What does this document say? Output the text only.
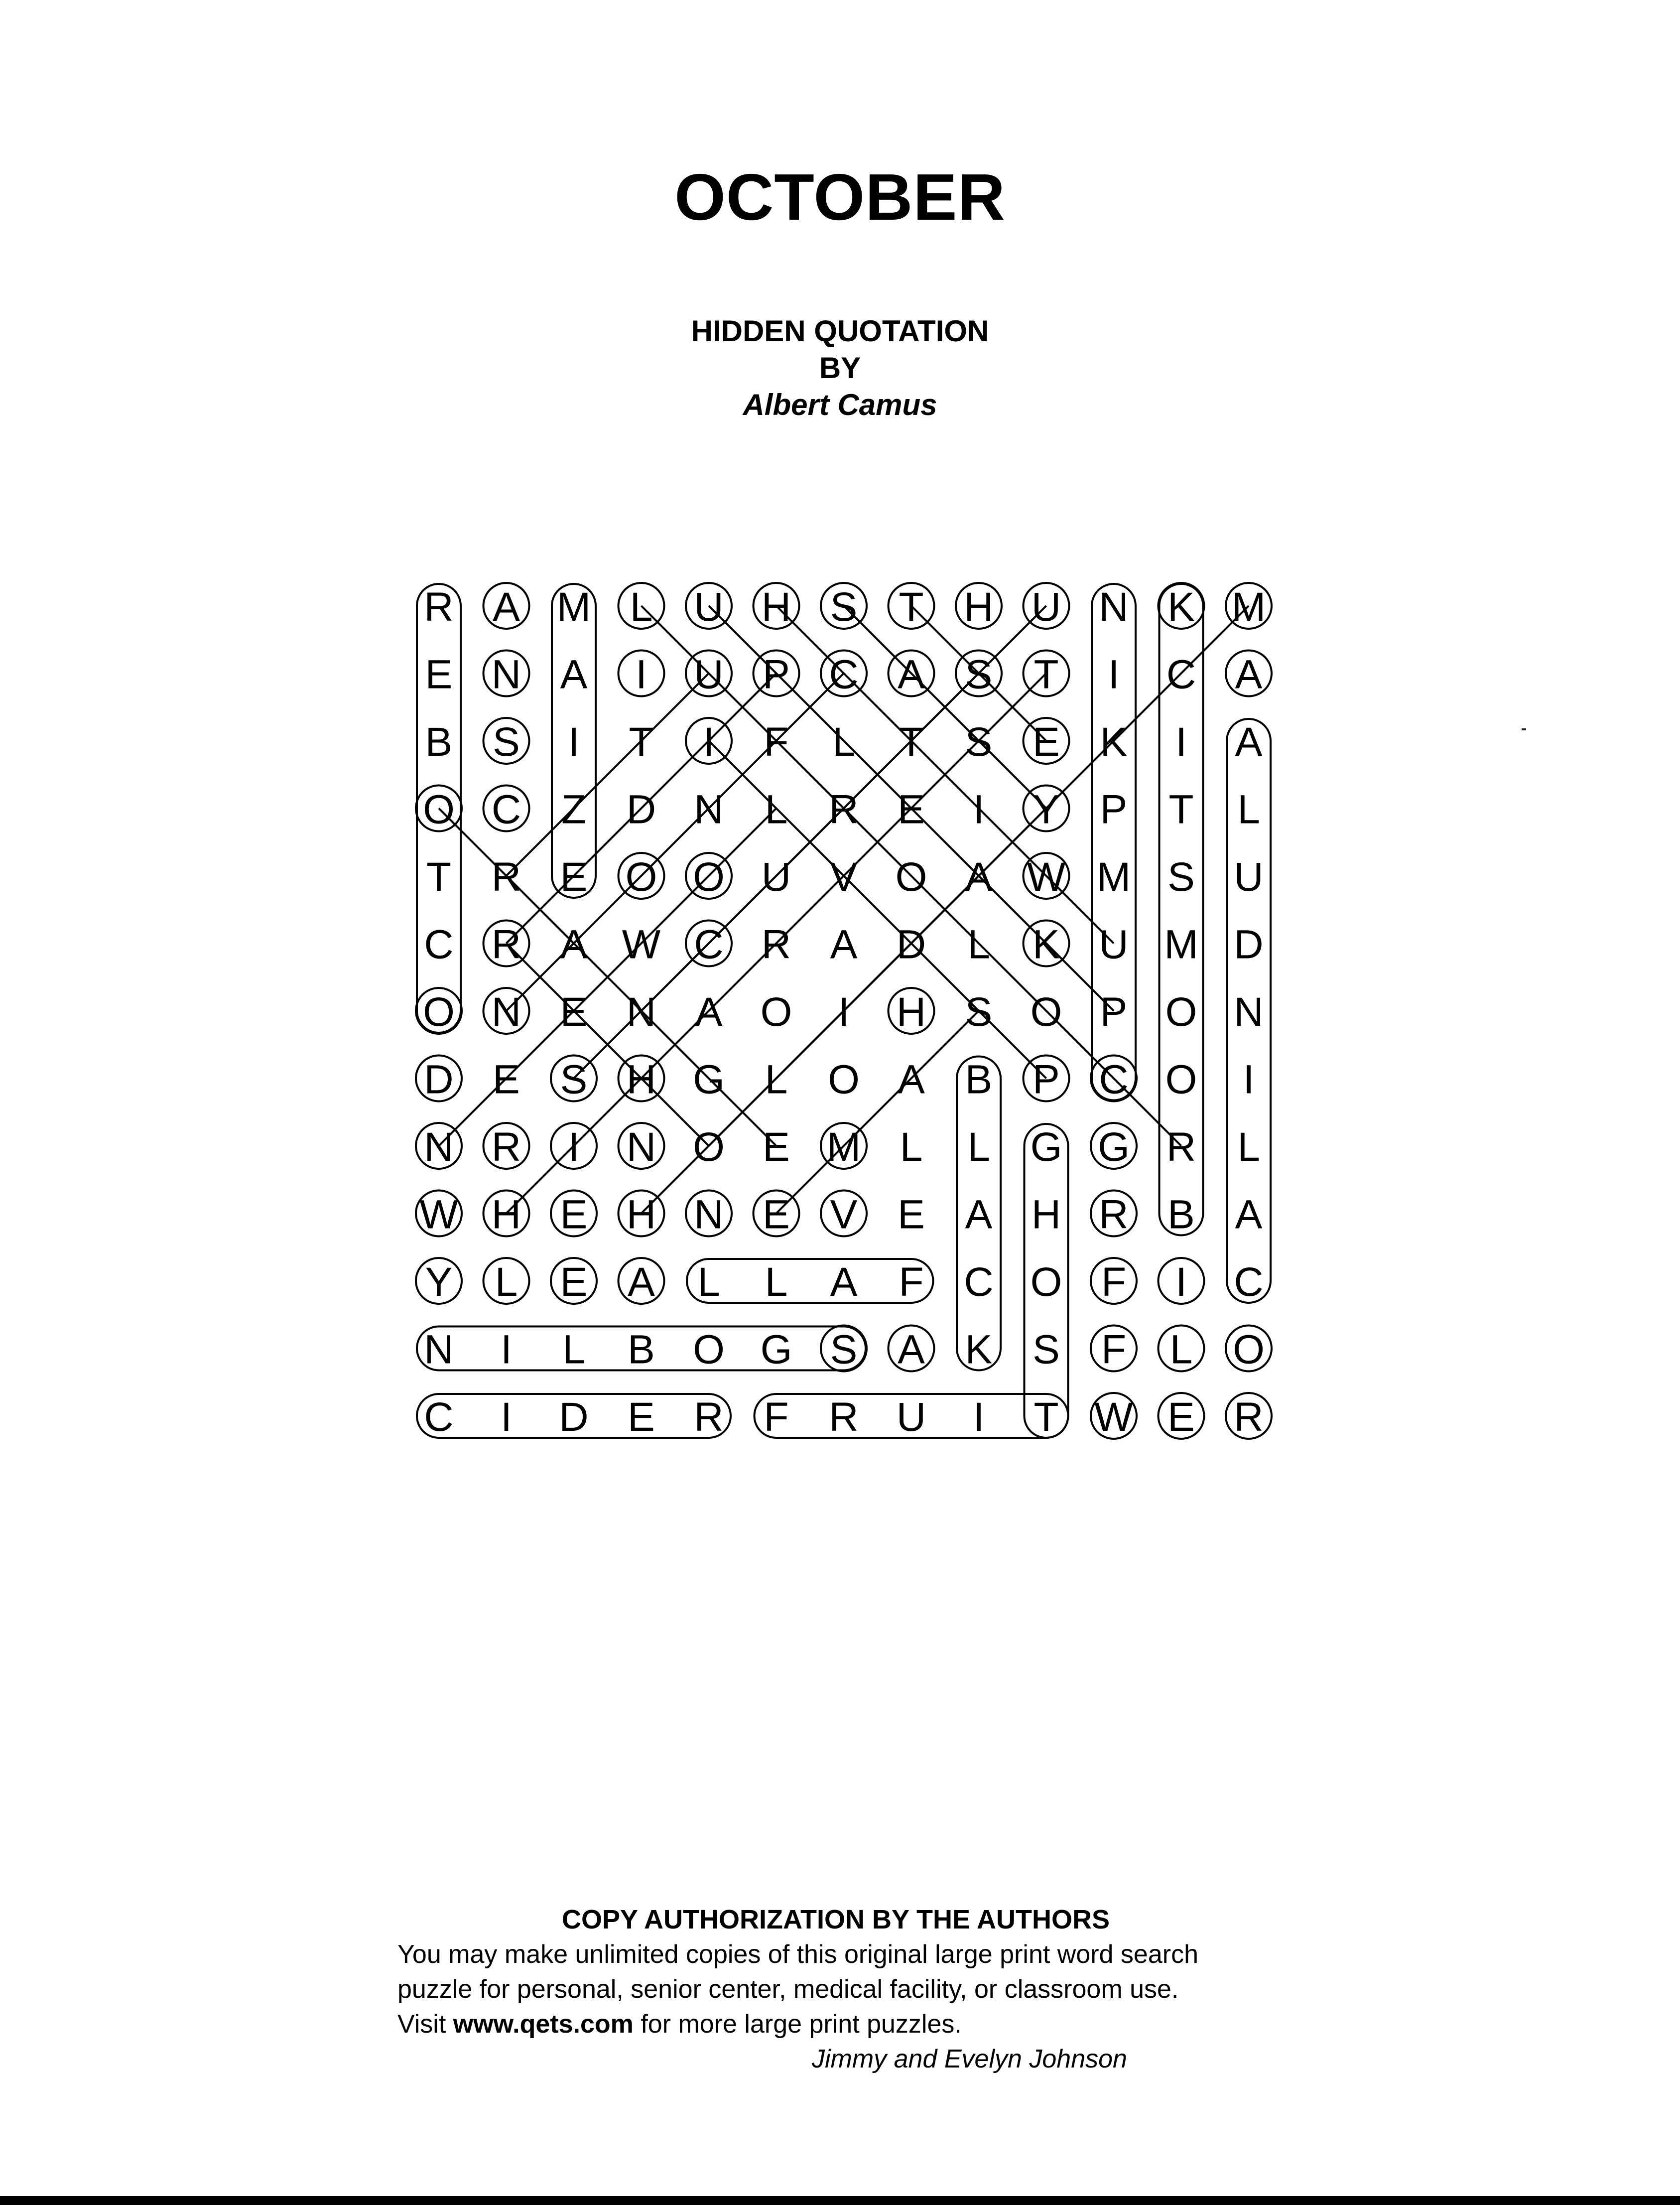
OCTOBER
HIDDEN QUOTATION
BY
Albert Camus
R A M L U H S T H U N K M
E N A I U P C A S T I C A
B S I T I F L T S E K I A
O C Z D N L R E I Y P T L
T R E O O U V O A W M S U
C R A W C R A D L K U M D
O N E N A O I H S O P O N
D E S H G L O A B P C O I
N R I N O E M L L G G R L
W H E H N E V E A H R B A
Y L E A L L A F C O F I C
N I L B O G S A K S F L O
C I D E R F R U I T W E R
COPY AUTHORIZATION BY THE AUTHORS
You may make unlimited copies of this original large print word search
puzzle for personal, senior center, medical facility, or classroom use.
Visit www.qets.com for more large print puzzles.
Jimmy and Evelyn Johnson
